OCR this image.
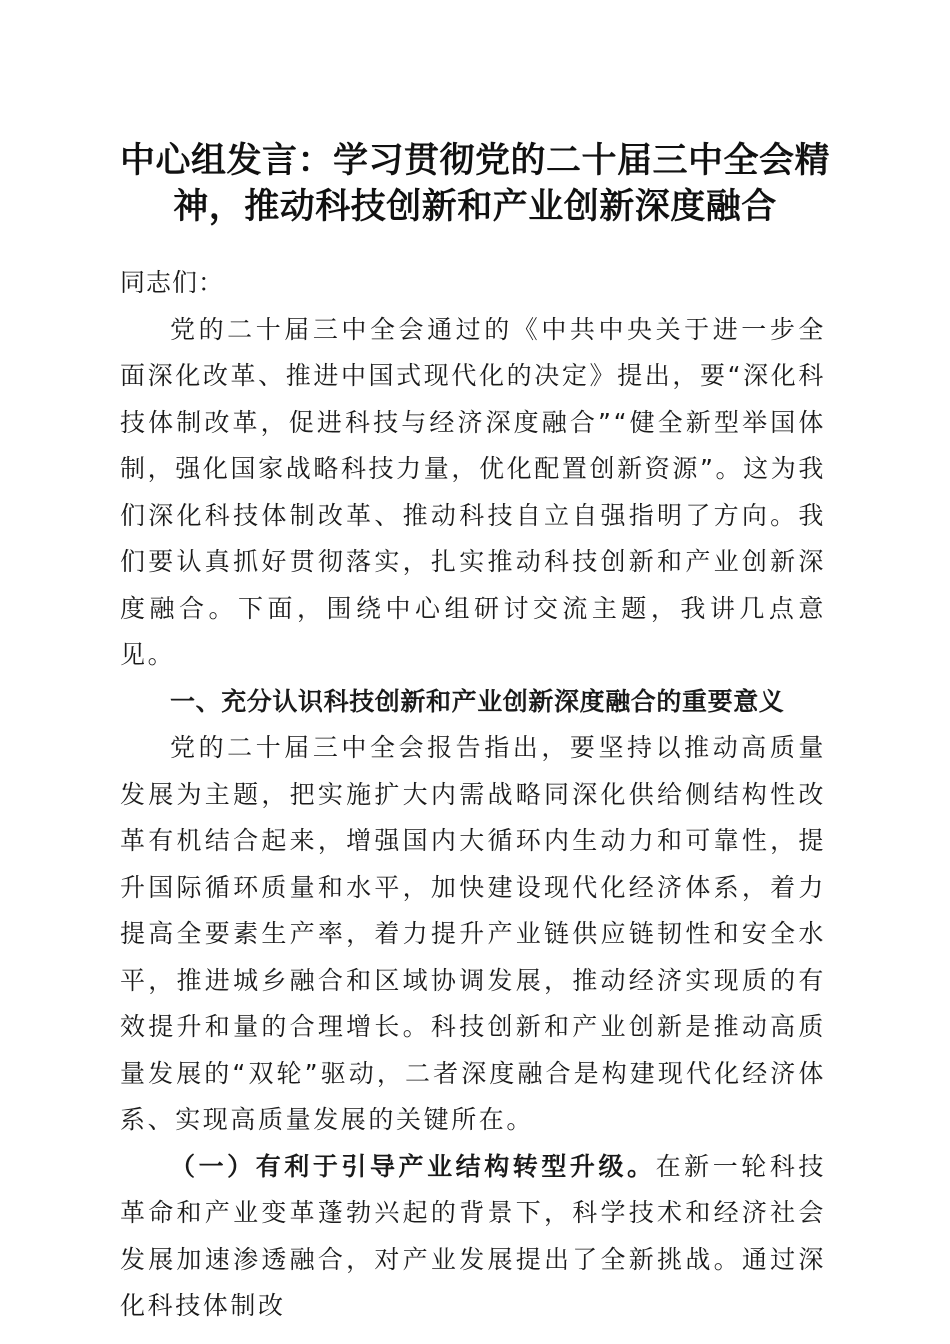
中心组发言：学习贯彻党的二十届三中全会精
神，推动科技创新和产业创新深度融合

同志们：

党的二十届三中全会通过的《中共中央关于进一步全面深化改革、推进中国式现代化的决定》提出，要“深化科技体制改革，促进科技与经济深度融合”“健全新型举国体制，强化国家战略科技力量，优化配置创新资源”。这为我们深化科技体制改革、推动科技自立自强指明了方向。我们要认真抓好贯彻落实，扎实推动科技创新和产业创新深度融合。下面，围绕中心组研讨交流主题，我讲几点意见。

一、充分认识科技创新和产业创新深度融合的重要意义

党的二十届三中全会报告指出，要坚持以推动高质量发展为主题，把实施扩大内需战略同深化供给侧结构性改革有机结合起来，增强国内大循环内生动力和可靠性，提升国际循环质量和水平，加快建设现代化经济体系，着力提高全要素生产率，着力提升产业链供应链韧性和安全水平，推进城乡融合和区域协调发展，推动经济实现质的有效提升和量的合理增长。科技创新和产业创新是推动高质量发展的“双轮”驱动，二者深度融合是构建现代化经济体系、实现高质量发展的关键所在。

（一）有利于引导产业结构转型升级。在新一轮科技革命和产业变革蓬勃兴起的背景下，科学技术和经济社会发展加速渗透融合，对产业发展提出了全新挑战。通过深化科技体制改
